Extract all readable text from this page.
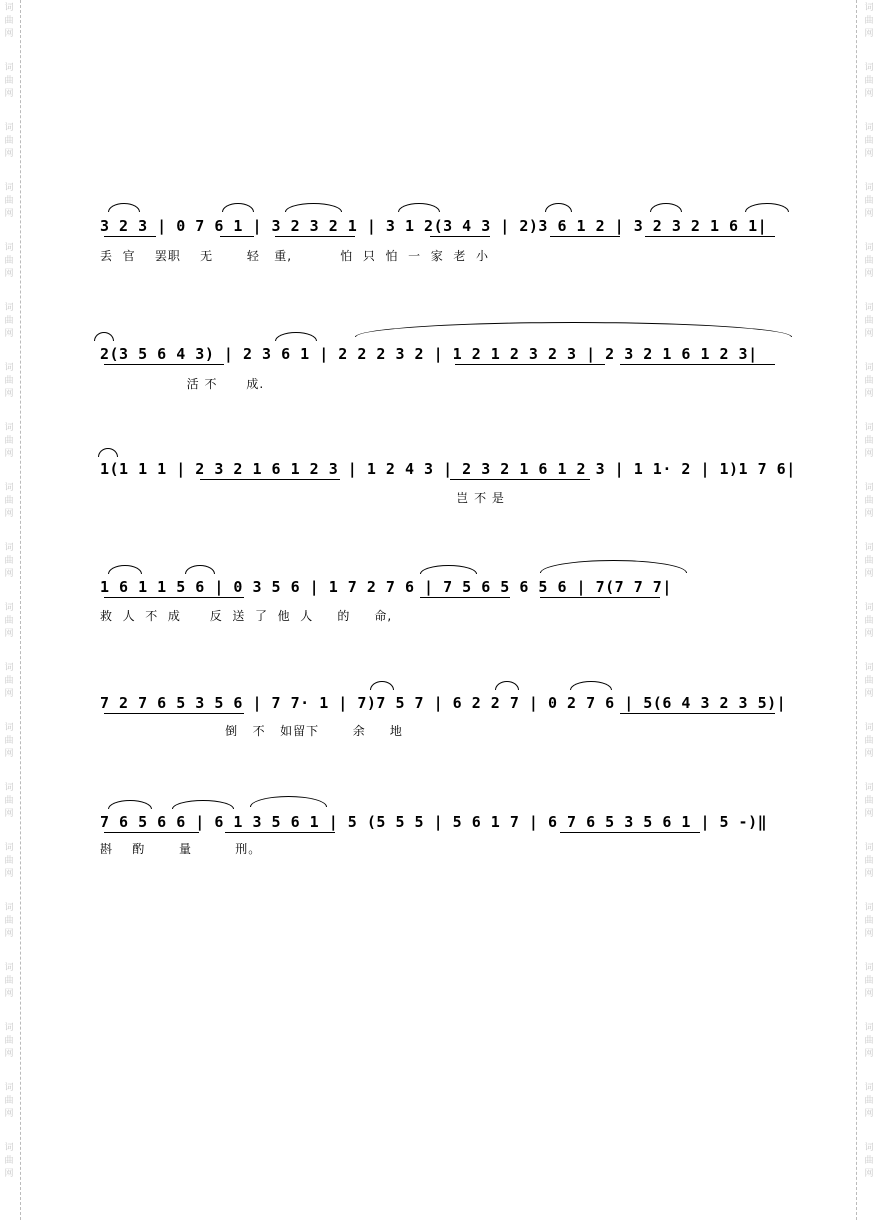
词曲网
词曲网
词曲网
词曲网
词曲网
词曲网
词曲网
词曲网
词曲网
词曲网
词曲网
词曲网
词曲网
词曲网
词曲网
词曲网
词曲网
词曲网
词曲网
词曲网
词曲网
词曲网
词曲网
词曲网
词曲网
词曲网
词曲网
词曲网
词曲网
词曲网
词曲网
词曲网
词曲网
词曲网
词曲网
词曲网
词曲网
词曲网
词曲网
词曲网
3 2 3 | 0 7 6 1 | 3 2 3 2 1 | 3 1 2(3 4 3 | 2)3 6 1 2 | 3 2 3 2 1 6 1|
丢  官    罢职    无       轻   重,          怕  只  怕  一  家  老  小
2(3 5 6 4 3) | 2 3 6 1 | 2 2 2 3 2 | 1 2 1 2 3 2 3 | 2 3 2 1 6 1 2 3|
活 不      成.
1(1 1 1 | 2 3 2 1 6 1 2 3 | 1 2 4 3 | 2 3 2 1 6 1 2 3 | 1 1· 2 | 1)1 7 6|
岂 不 是
1 6 1 1 5 6 | 0 3 5 6 | 1 7 2 7 6 | 7 5 6 5 6 5 6 | 7(7 7 7|
救  人  不  成      反  送  了  他  人     的     命,
7 2 7 6 5 3 5 6 | 7 7· 1 | 7)7 5 7 | 6 2 2 7 | 0 2 7 6 | 5(6 4 3 2 3 5)|
倒   不   如留下       余     地
7 6 5 6 6 | 6 1 3 5 6 1 | 5 (5 5 5 | 5 6 1 7 | 6 7 6 5 3 5 6 1 | 5 -)‖
斟    酌       量         刑。
